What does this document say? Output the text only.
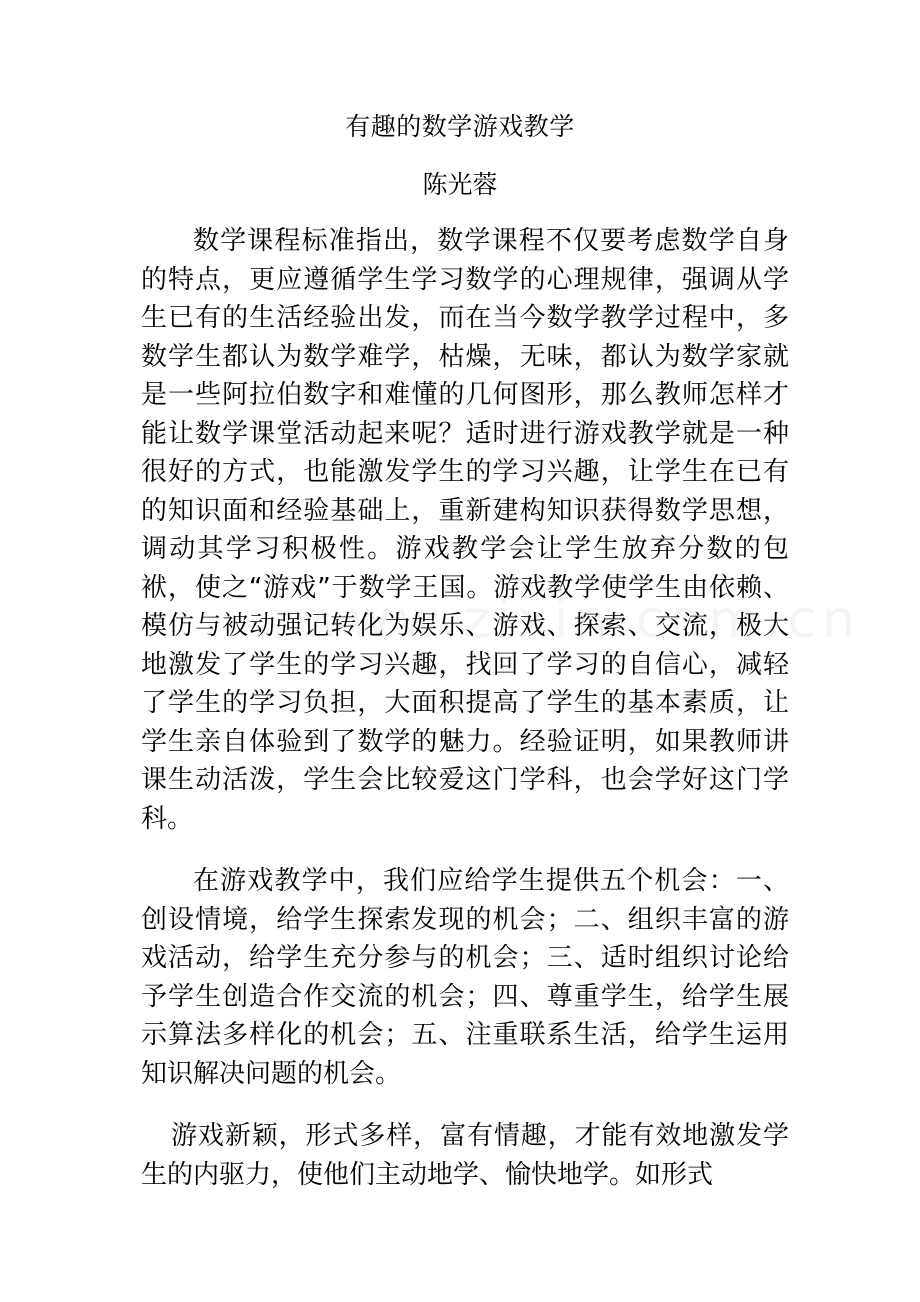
有趣的数学游戏教学
陈光蓉

数学课程标准指出，数学课程不仅要考虑数学自身的特点，更应遵循学生学习数学的心理规律，强调从学生已有的生活经验出发，而在当今数学教学过程中，多数学生都认为数学难学，枯燥，无味，都认为数学家就是一些阿拉伯数字和难懂的几何图形，那么教师怎样才能让数学课堂活动起来呢？适时进行游戏教学就是一种很好的方式，也能激发学生的学习兴趣，让学生在已有的知识面和经验基础上，重新建构知识获得数学思想，调动其学习积极性。游戏教学会让学生放弃分数的包袱，使之“游戏”于数学王国。游戏教学使学生由依赖、模仿与被动强记转化为娱乐、游戏、探索、交流，极大地激发了学生的学习兴趣，找回了学习的自信心，减轻了学生的学习负担，大面积提高了学生的基本素质，让学生亲自体验到了数学的魅力。经验证明，如果教师讲课生动活泼，学生会比较爱这门学科，也会学好这门学科。

在游戏教学中，我们应给学生提供五个机会：一、创设情境，给学生探索发现的机会；二、组织丰富的游戏活动，给学生充分参与的机会；三、适时组织讨论给予学生创造合作交流的机会；四、尊重学生，给学生展示算法多样化的机会；五、注重联系生活，给学生运用知识解决问题的机会。

游戏新颖，形式多样，富有情趣，才能有效地激发学生的内驱力，使他们主动地学、愉快地学。如形式
